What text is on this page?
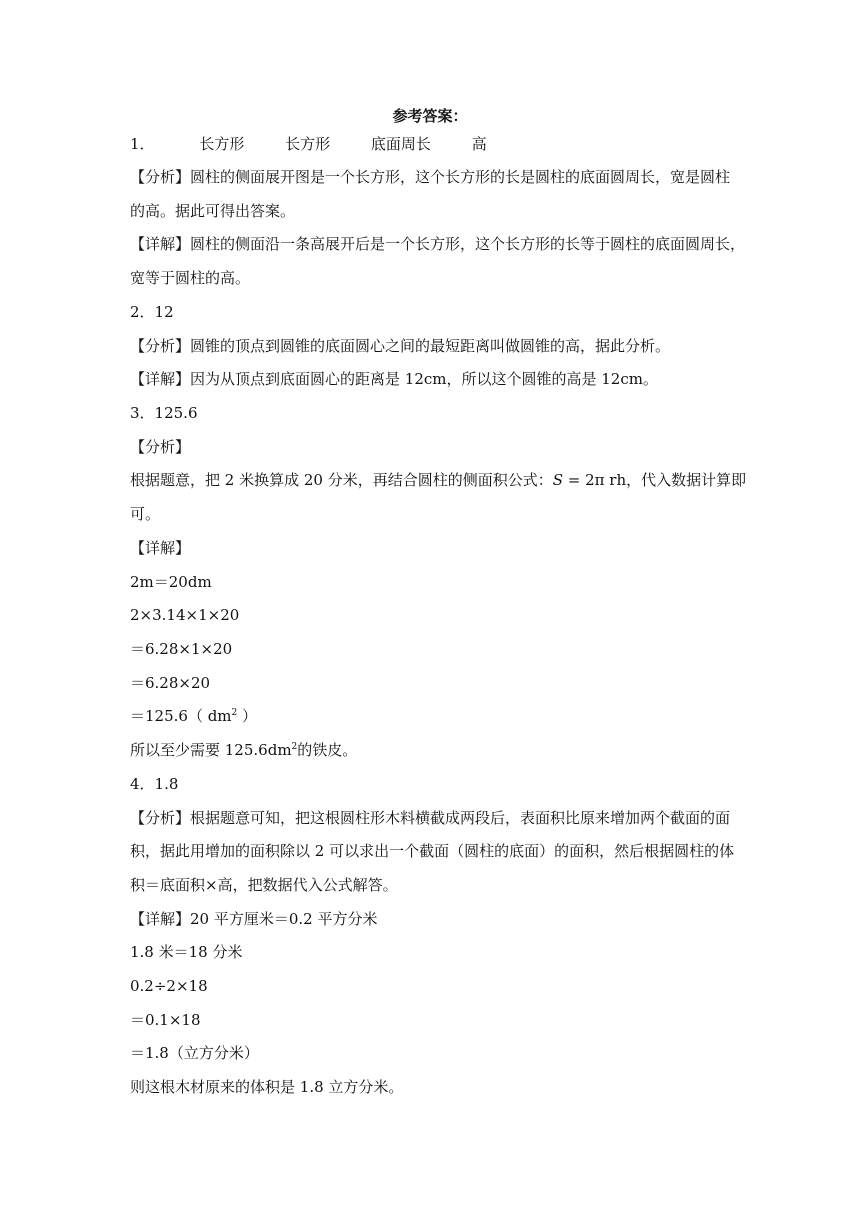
参考答案：
1．	长方形	长方形	底面周长	高
【分析】圆柱的侧面展开图是一个长方形，这个长方形的长是圆柱的底面圆周长，宽是圆柱
的高。据此可得出答案。
【详解】圆柱的侧面沿一条高展开后是一个长方形，这个长方形的长等于圆柱的底面圆周长，
宽等于圆柱的高。
2．12
【分析】圆锥的顶点到圆锥的底面圆心之间的最短距离叫做圆锥的高，据此分析。
【详解】因为从顶点到底面圆心的距离是 12cm，所以这个圆锥的高是 12cm。
3．125.6
【分析】
根据题意，把 2 米换算成 20 分米，再结合圆柱的侧面积公式：S = 2π rh，代入数据计算即
可。
【详解】
2m＝20dm
2×3.14×1×20
＝6.28×1×20
＝6.28×20
＝125.6（ $dm^2$ ）
所以至少需要 $125.6dm^2$的铁皮。
4．1.8
【分析】根据题意可知，把这根圆柱形木料横截成两段后，表面积比原来增加两个截面的面
积，据此用增加的面积除以 2 可以求出一个截面（圆柱的底面）的面积，然后根据圆柱的体
积＝底面积×高，把数据代入公式解答。
【详解】20 平方厘米＝0.2 平方分米
1.8 米＝18 分米
0.2÷2×18
＝0.1×18
＝1.8（立方分米）
则这根木材原来的体积是 1.8 立方分米。
